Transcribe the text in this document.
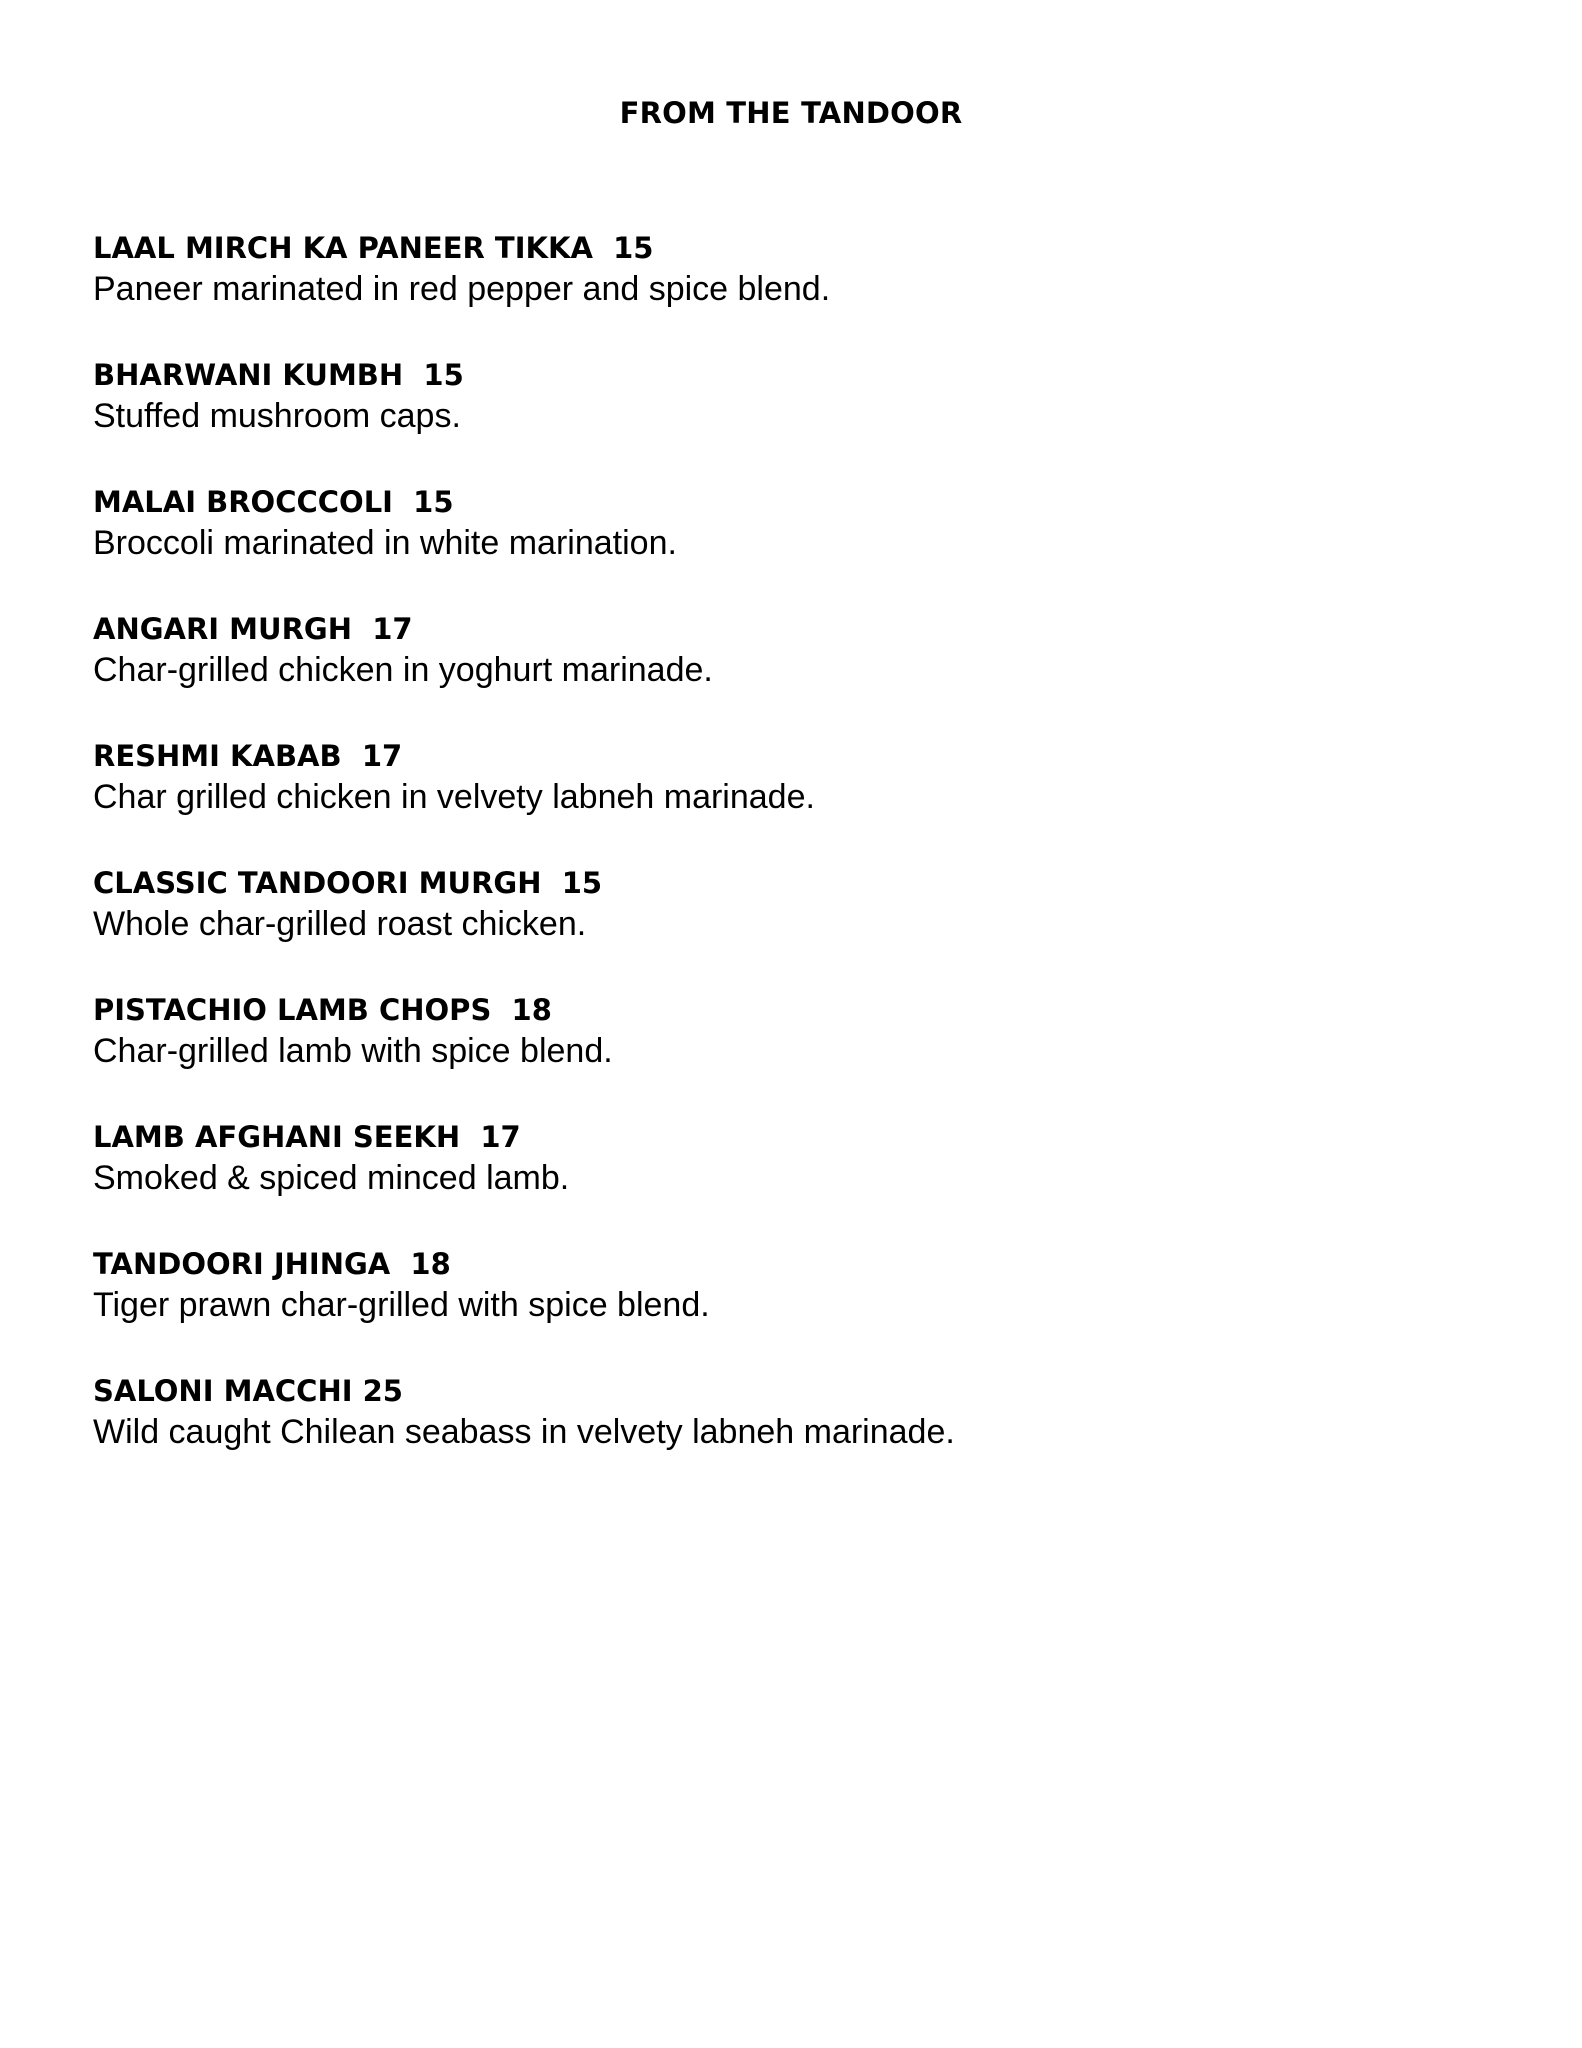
FROM THE TANDOOR
LAAL MIRCH KA PANEER TIKKA 15
Paneer marinated in red pepper and spice blend.
BHARWANI KUMBH 15
Stuffed mushroom caps.
MALAI BROCCCOLI 15
Broccoli marinated in white marination.
ANGARI MURGH 17
Char-grilled chicken in yoghurt marinade.
RESHMI KABAB 17
Char grilled chicken in velvety labneh marinade.
CLASSIC TANDOORI MURGH 15
Whole char-grilled roast chicken.
PISTACHIO LAMB CHOPS 18
Char-grilled lamb with spice blend.
LAMB AFGHANI SEEKH 17
Smoked & spiced minced lamb.
TANDOORI JHINGA 18
Tiger prawn char-grilled with spice blend.
SALONI MACCHI 25
Wild caught Chilean seabass in velvety labneh marinade.
